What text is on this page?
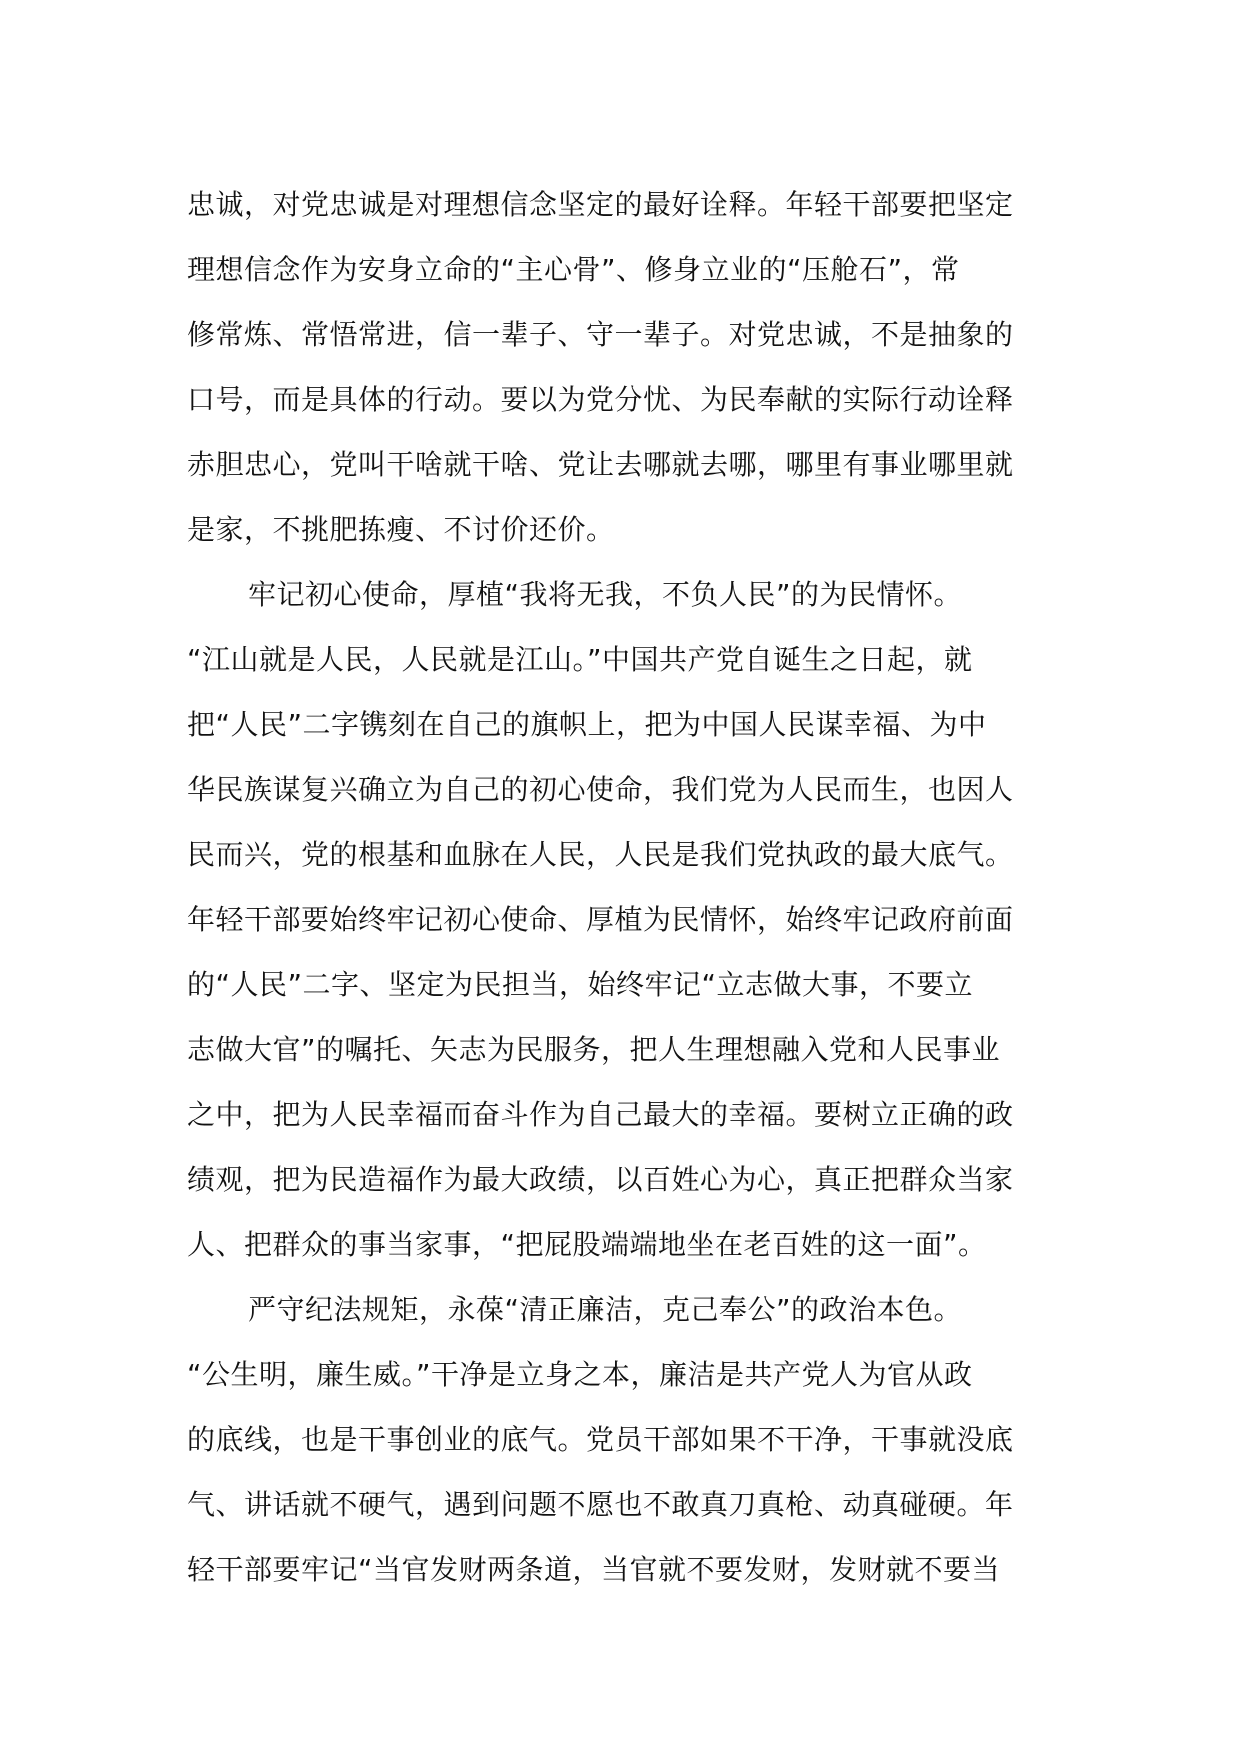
忠诚，对党忠诚是对理想信念坚定的最好诠释。年轻干部要把坚定
理想信念作为安身立命的“主心骨”、修身立业的“压舱石”，常
修常炼、常悟常进，信一辈子、守一辈子。对党忠诚，不是抽象的
口号，而是具体的行动。要以为党分忧、为民奉献的实际行动诠释
赤胆忠心，党叫干啥就干啥、党让去哪就去哪，哪里有事业哪里就
是家，不挑肥拣瘦、不讨价还价。
牢记初心使命，厚植“我将无我，不负人民”的为民情怀。
“江山就是人民，人民就是江山。”中国共产党自诞生之日起，就
把“人民”二字镌刻在自己的旗帜上，把为中国人民谋幸福、为中
华民族谋复兴确立为自己的初心使命，我们党为人民而生，也因人
民而兴，党的根基和血脉在人民，人民是我们党执政的最大底气。
年轻干部要始终牢记初心使命、厚植为民情怀，始终牢记政府前面
的“人民”二字、坚定为民担当，始终牢记“立志做大事，不要立
志做大官”的嘱托、矢志为民服务，把人生理想融入党和人民事业
之中，把为人民幸福而奋斗作为自己最大的幸福。要树立正确的政
绩观，把为民造福作为最大政绩，以百姓心为心，真正把群众当家
人、把群众的事当家事，“把屁股端端地坐在老百姓的这一面”。
严守纪法规矩，永葆“清正廉洁，克己奉公”的政治本色。
“公生明，廉生威。”干净是立身之本，廉洁是共产党人为官从政
的底线，也是干事创业的底气。党员干部如果不干净，干事就没底
气、讲话就不硬气，遇到问题不愿也不敢真刀真枪、动真碰硬。年
轻干部要牢记“当官发财两条道，当官就不要发财，发财就不要当
